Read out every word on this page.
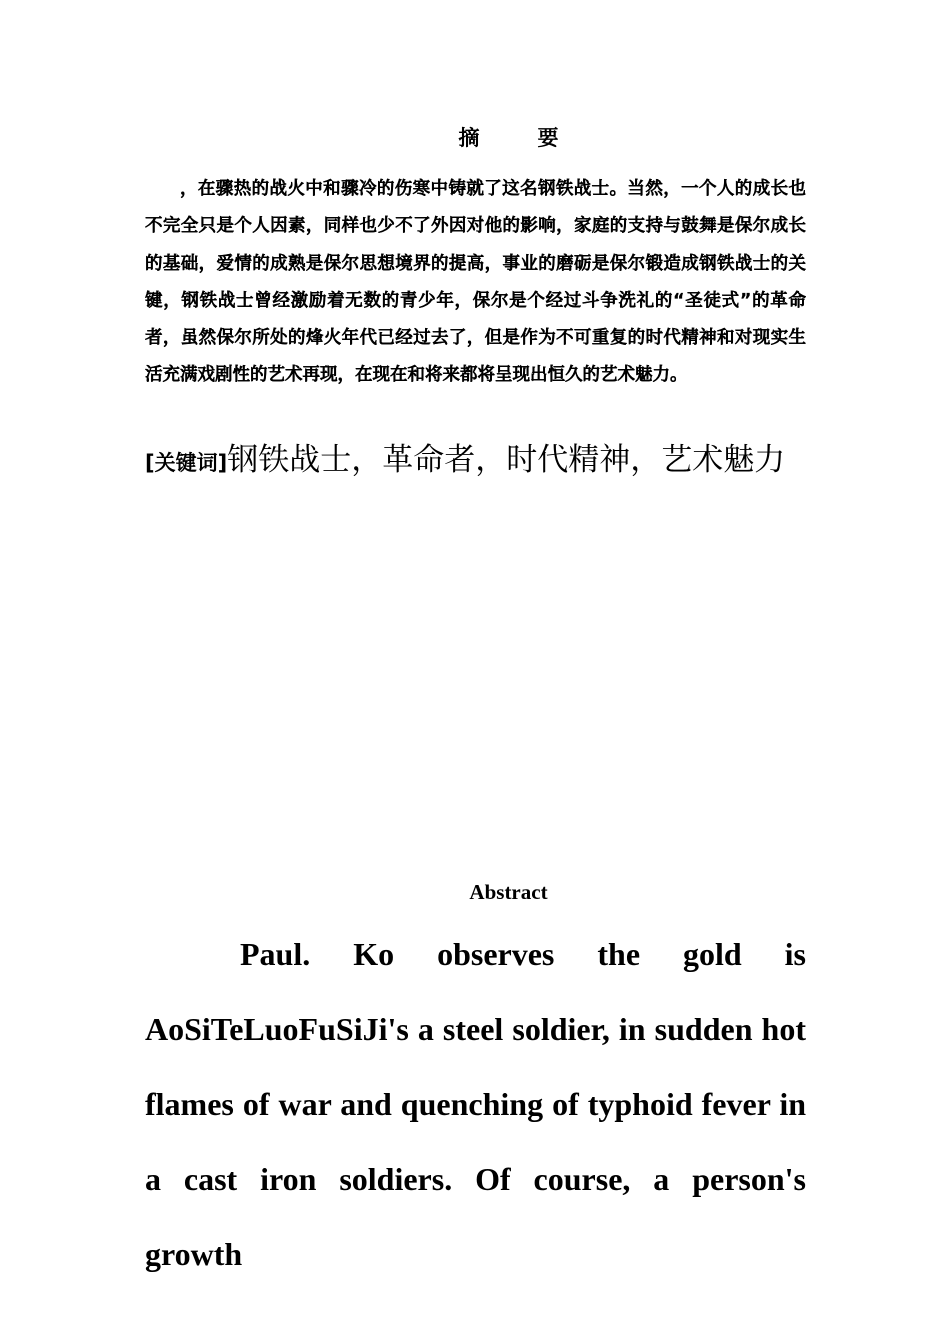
摘	要
，在骤热的战火中和骤冷的伤寒中铸就了这名钢铁战士。当然，一个人的成长也不完全只是个人因素，同样也少不了外因对他的影响，家庭的支持与鼓舞是保尔成长的基础，爱情的成熟是保尔思想境界的提高，事业的磨砺是保尔锻造成钢铁战士的关键，钢铁战士曾经激励着无数的青少年，保尔是个经过斗争洗礼的“圣徒式”的革命者，虽然保尔所处的烽火年代已经过去了，但是作为不可重复的时代精神和对现实生活充满戏剧性的艺术再现，在现在和将来都将呈现出恒久的艺术魅力。
[关键词]钢铁战士，革命者，时代精神，艺术魅力
Abstract
Paul. Ko observes the gold is AoSiTeLuoFuSiJi's a steel soldier, in sudden hot flames of war and quenching of typhoid fever in a cast iron soldiers. Of course, a person's growth
